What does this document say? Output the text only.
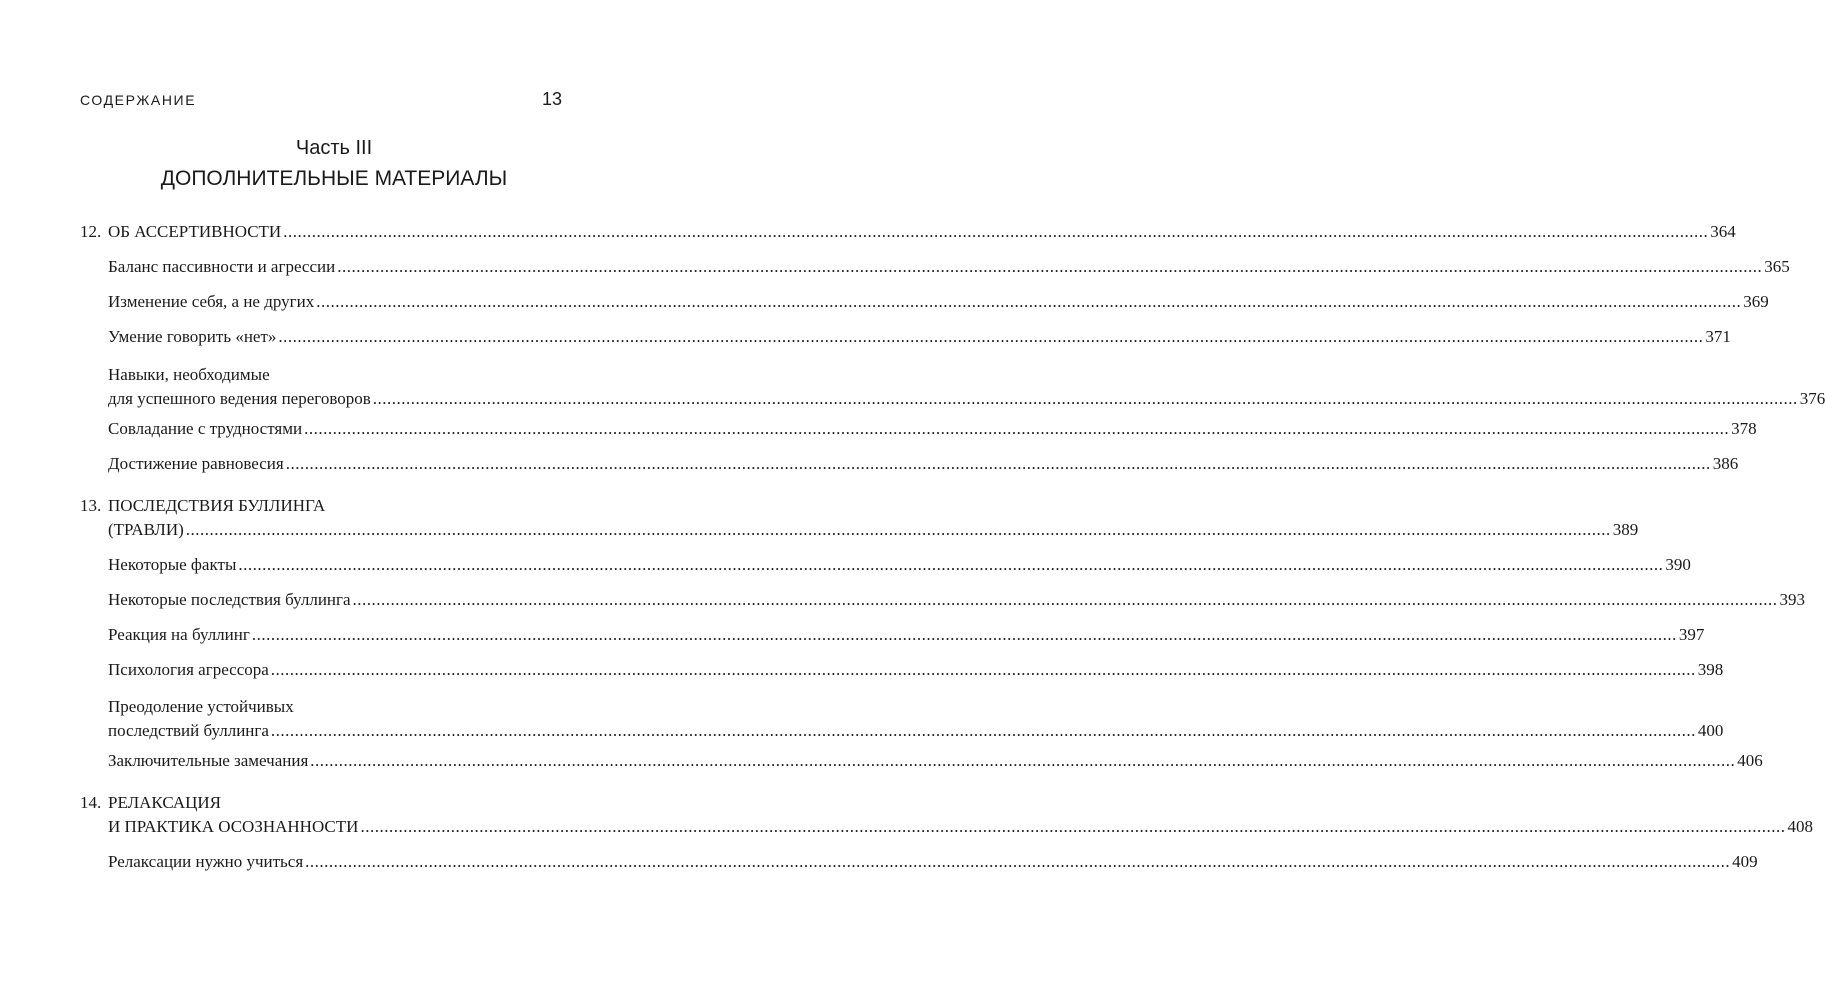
СОДЕРЖАНИЕ	13
Часть III
ДОПОЛНИТЕЛЬНЫЕ МАТЕРИАЛЫ
12. ОБ АССЕРТИВНОСТИ ............................................................................................................................................................................................................................................................................................................ 364
Баланс пассивности и агрессии ............................................................................................................................................................................................................................................................................................................ 365
Изменение себя, а не других ............................................................................................................................................................................................................................................................................................................ 369
Умение говорить «нет» ............................................................................................................................................................................................................................................................................................................ 371
Навыки, необходимые
для успешного ведения переговоров ............................................................................................................................................................................................................................................................................................................ 376
Совладание с трудностями ............................................................................................................................................................................................................................................................................................................ 378
Достижение равновесия ............................................................................................................................................................................................................................................................................................................ 386
13. ПОСЛЕДСТВИЯ БУЛЛИНГА
(ТРАВЛИ) ............................................................................................................................................................................................................................................................................................................ 389
Некоторые факты ............................................................................................................................................................................................................................................................................................................ 390
Некоторые последствия буллинга ............................................................................................................................................................................................................................................................................................................ 393
Реакция на буллинг ............................................................................................................................................................................................................................................................................................................ 397
Психология агрессора ............................................................................................................................................................................................................................................................................................................ 398
Преодоление устойчивых
последствий буллинга ............................................................................................................................................................................................................................................................................................................ 400
Заключительные замечания ............................................................................................................................................................................................................................................................................................................ 406
14. РЕЛАКСАЦИЯ
И ПРАКТИКА ОСОЗНАННОСТИ ............................................................................................................................................................................................................................................................................................................ 408
Релаксации нужно учиться ............................................................................................................................................................................................................................................................................................................ 409
